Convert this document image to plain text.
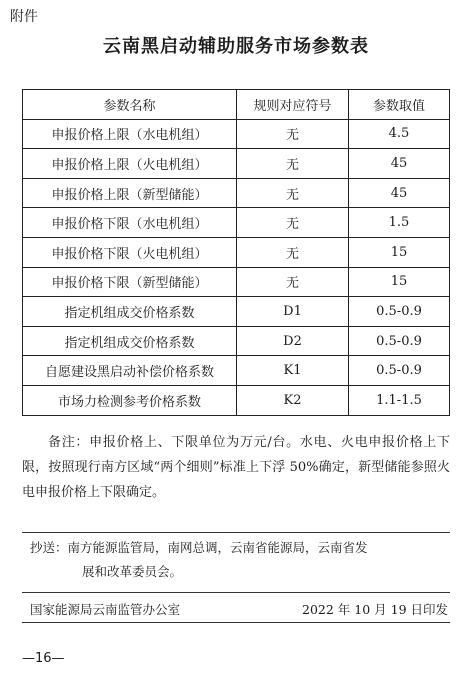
附件
云南黑启动辅助服务市场参数表
参数名称	规则对应符号	参数取值
申报价格上限（水电机组）	无	4.5
申报价格上限（火电机组）	无	45
申报价格上限（新型储能）	无	45
申报价格下限（水电机组）	无	1.5
申报价格下限（火电机组）	无	15
申报价格下限（新型储能）	无	15
指定机组成交价格系数	D1	0.5-0.9
指定机组成交价格系数	D2	0.5-0.9
自愿建设黑启动补偿价格系数	K1	0.5-0.9
市场力检测参考价格系数	K2	1.1-1.5

备注：申报价格上、下限单位为万元/台。水电、火电申报价格上下限，按照现行南方区域“两个细则”标准上下浮 50%确定，新型储能参照火电申报价格上下限确定。

抄送：南方能源监管局，南网总调，云南省能源局，云南省发
展和改革委员会。
国家能源局云南监管办公室	2022 年 10 月 19 日印发
—16—
